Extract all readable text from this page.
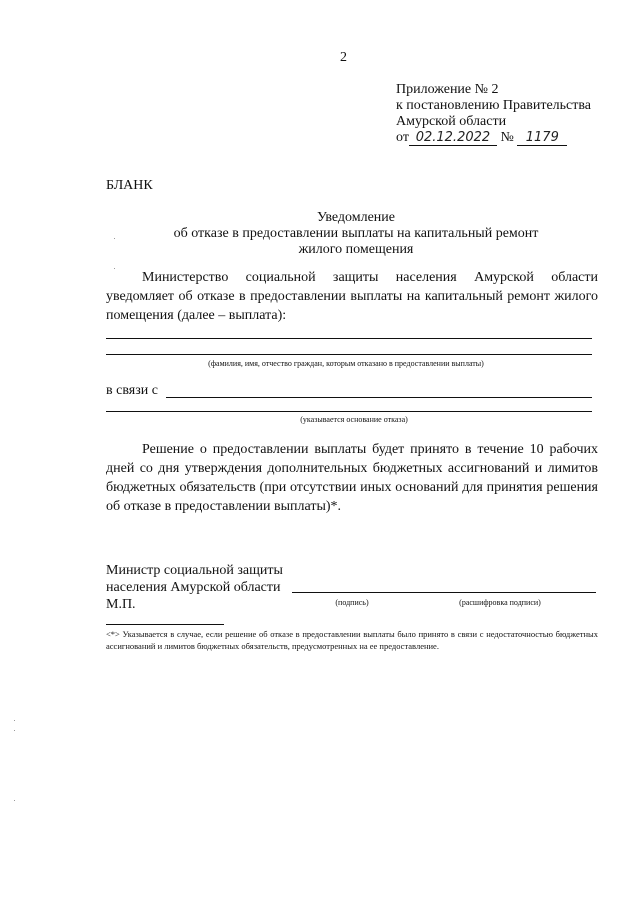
2
Приложение № 2
к постановлению Правительства
Амурской области
от 02.12.2022 № 1179
БЛАНК
Уведомление
об отказе в предоставлении выплаты на капитальный ремонт
жилого помещения
Министерство социальной защиты населения Амурской области уведомляет об отказе в предоставлении выплаты на капитальный ремонт жилого помещения (далее – выплата):
(фамилия, имя, отчество граждан, которым отказано в предоставлении выплаты)
в связи с
(указывается основание отказа)
Решение о предоставлении выплаты будет принято в течение 10 рабочих дней со дня утверждения дополнительных бюджетных ассигнований и лимитов бюджетных обязательств (при отсутствии иных оснований для принятия решения об отказе в предоставлении выплаты)*.
Министр социальной защиты
населения Амурской области
М.П.	(подпись)	(расшифровка подписи)
<*> Указывается в случае, если решение об отказе в предоставлении выплаты было принято в связи с недостаточностью бюджетных ассигнований и лимитов бюджетных обязательств, предусмотренных на ее предоставление.
